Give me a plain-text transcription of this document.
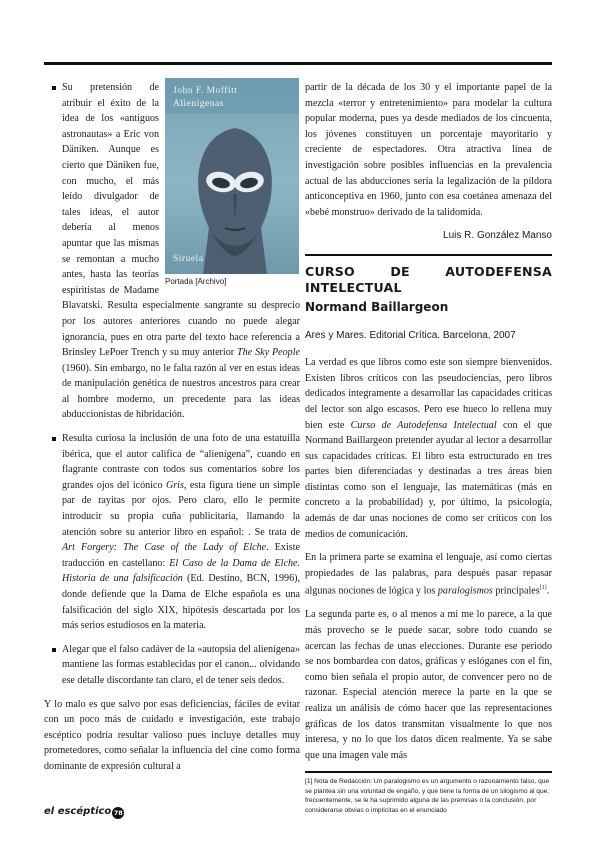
John F. Moffitt
Alienígenas
Siruela
Portada [Archivo]
Su pretensión de atribuir el éxito de la idea de los «antiguos astronautas» a Eric von Däniken. Aunque es cierto que Däniken fue, con mucho, el más leído divulgador de tales ideas, el autor debería al menos apuntar que las mismas se remontan a mucho antes, hasta las teorías espiritistas de Madame Blavatski. Resulta especialmente sangrante su desprecio por los autores anteriores cuando no puede alegar ignorancia, pues en otra parte del texto hace referencia a Brinsley LePoer Trench y su muy anterior The Sky People (1960). Sin embargo, no le falta razón al ver en estas ideas de manipulación genética de nuestros ancestros para crear al hombre moderno, un precedente para las ideas abduccionistas de hibridación.
Resulta curiosa la inclusión de una foto de una estatuilla ibérica, que el autor califica de “alienígena”, cuando en flagrante contraste con todos sus comentarios sobre los grandes ojos del icónico Gris, esta figura tiene un simple par de rayitas por ojos. Pero claro, ello le permite introducir su propia cuña publicitaria, llamando la atención sobre su anterior libro en español: . Se trata de Art Forgery: The Case of the Lady of Elche. Existe traducción en castellano: El Caso de la Dama de Elche. Historia de una falsificación (Ed. Destino, BCN, 1996), donde defiende que la Dama de Elche española es una falsificación del siglo XIX, hipótesis descartada por los más serios estudiosos en la materia.
Alegar que el falso cadáver de la «autopsia del alienígena» mantiene las formas establecidas por el canon... olvidando ese detalle discordante tan claro, el de tener seis dedos.

Y lo malo es que salvo por esas deficiencias, fáciles de evitar con un poco más de cuidado e investigación, este trabajo escéptico podría resultar valioso pues incluye detalles muy prometedores, como señalar la influencia del cine como forma dominante de expresión cultural a

partir de la década de los 30 y el importante papel de la mezcla «terror y entretenimiento» para modelar la cultura popular moderna, pues ya desde mediados de los cincuenta, los jóvenes constituyen un porcentaje mayoritario y creciente de espectadores. Otra atractiva línea de investigación sobre posibles influencias en la prevalencia actual de las abducciones sería la legalización de la píldora anticonceptiva en 1960, junto con esa coetánea amenaza del «bebé monstruo» derivado de la talidomida.

Luis R. González Manso
CURSO DE AUTODEFENSA INTELECTUAL
Normand Baillargeon
Ares y Mares. Editorial Crítica. Barcelona, 2007

La verdad es que libros como este son siempre bienvenidos. Existen libros críticos con las pseudociencias, pero libros dedicados íntegramente a desarrollar las capacidades críticas del lector son algo escasos. Pero ese hueco lo rellena muy bien este Curso de Autodefensa Intelectual con el que Normand Baillargeon pretender ayudar al lector a desarrollar sus capacidades críticas. El libro esta estructurado en tres partes bien diferenciadas y destinadas a tres áreas bien distintas como son el lenguaje, las matemáticas (más en concreto a la probabilidad) y, por último, la psicología, además de dar unas nociones de como ser críticos con los medios de comunicación.

En la primera parte se examina el lenguaje, así como ciertas propiedades de las palabras, para después pasar repasar algunas nociones de lógica y los paralogismos principales[1].

La segunda parte es, o al menos a mi me lo parece, a la que más provecho se le puede sacar, sobre todo cuando se acercan las fechas de unas elecciones. Durante ese periodo se nos bombardea con datos, gráficas y eslóganes con el fin, como bien señala el propio autor, de convencer pero no de razonar. Especial atención merece la parte en la que se realiza un análisis de cómo hacer que las representaciones gráficas de los datos transmitan visualmente lo que nos interesa, y no lo que los datos dicen realmente. Ya se sabe que una imagen vale más

[1] Nota de Redacción: Un paralogismo es un argumento o razonamiento falso, que se plantea sin una voluntad de engaño, y que tiene la forma de un silogismo al que, frecuentemente, se le ha suprimido alguna de las premisas o la conclusión, por considerarse obvias o implícitas en el enunciado
el escéptico 78
